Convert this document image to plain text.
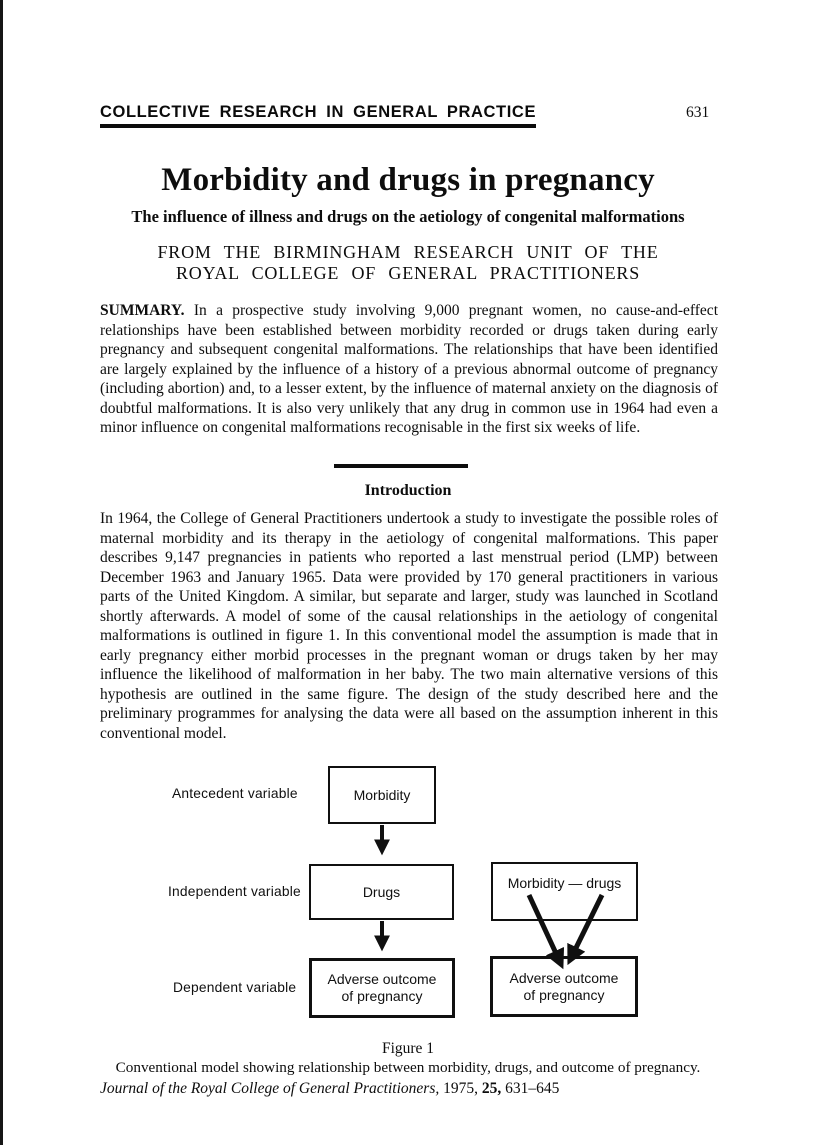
COLLECTIVE RESEARCH IN GENERAL PRACTICE	631
Morbidity and drugs in pregnancy
The influence of illness and drugs on the aetiology of congenital malformations
FROM THE BIRMINGHAM RESEARCH UNIT OF THE
ROYAL COLLEGE OF GENERAL PRACTITIONERS

SUMMARY. In a prospective study involving 9,000 pregnant women, no cause-and-effect relationships have been established between morbidity recorded or drugs taken during early pregnancy and subsequent congenital malformations. The relationships that have been identified are largely explained by the influence of a history of a previous abnormal outcome of pregnancy (including abortion) and, to a lesser extent, by the influence of maternal anxiety on the diagnosis of doubtful malformations. It is also very unlikely that any drug in common use in 1964 had even a minor influence on congenital malformations recognisable in the first six weeks of life.

Introduction

In 1964, the College of General Practitioners undertook a study to investigate the possible roles of maternal morbidity and its therapy in the aetiology of congenital malformations. This paper describes 9,147 pregnancies in patients who reported a last menstrual period (LMP) between December 1963 and January 1965. Data were provided by 170 general practitioners in various parts of the United Kingdom. A similar, but separate and larger, study was launched in Scotland shortly afterwards. A model of some of the causal relationships in the aetiology of congenital malformations is outlined in figure 1. In this conventional model the assumption is made that in early pregnancy either morbid processes in the pregnant woman or drugs taken by her may influence the likelihood of malformation in her baby. The two main alternative versions of this hypothesis are outlined in the same figure. The design of the study described here and the preliminary programmes for analysing the data were all based on the assumption inherent in this conventional model.

Antecedent variable
Independent variable
Dependent variable
Morbidity
Drugs
Morbidity — drugs
Adverse outcome
of pregnancy
Adverse outcome
of pregnancy
Figure 1
Conventional model showing relationship between morbidity, drugs, and outcome of pregnancy.
Journal of the Royal College of General Practitioners, 1975, 25, 631–645
